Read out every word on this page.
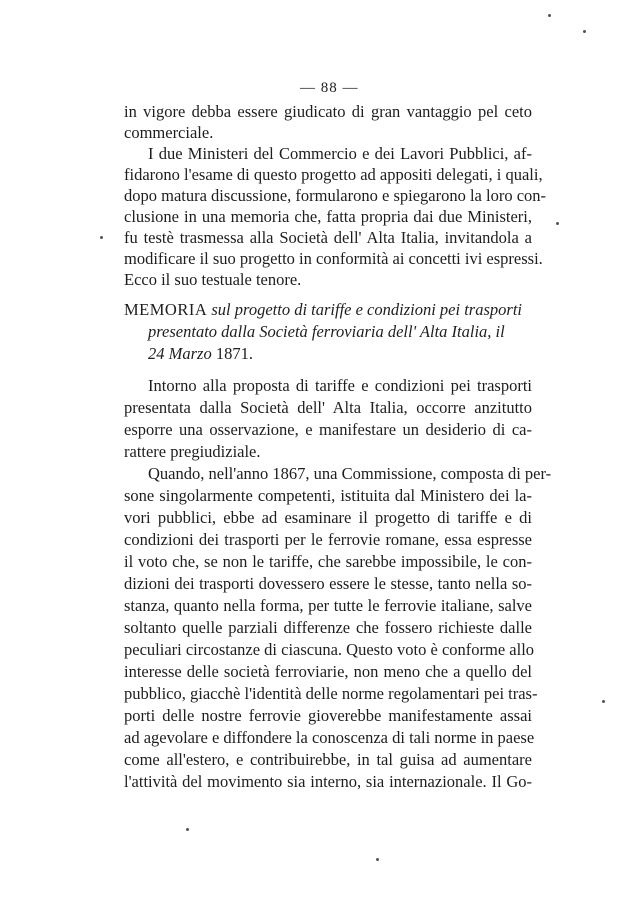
— 88 —
in vigore debba essere giudicato di gran vantaggio pel ceto
commerciale.
I due Ministeri del Commercio e dei Lavori Pubblici, af-
fidarono l'esame di questo progetto ad appositi delegati, i quali,
dopo matura discussione, formularono e spiegarono la loro con-
clusione in una memoria che, fatta propria dai due Ministeri,
fu testè trasmessa alla Società dell' Alta Italia, invitandola a
modificare il suo progetto in conformità ai concetti ivi espressi.
Ecco il suo testuale tenore.
MEMORIA sul progetto di tariffe e condizioni pei trasporti
presentato dalla Società ferroviaria dell' Alta Italia, il
24 Marzo 1871.
Intorno alla proposta di tariffe e condizioni pei trasporti
presentata dalla Società dell' Alta Italia, occorre anzitutto
esporre una osservazione, e manifestare un desiderio di ca-
rattere pregiudiziale.
Quando, nell'anno 1867, una Commissione, composta di per-
sone singolarmente competenti, istituita dal Ministero dei la-
vori pubblici, ebbe ad esaminare il progetto di tariffe e di
condizioni dei trasporti per le ferrovie romane, essa espresse
il voto che, se non le tariffe, che sarebbe impossibile, le con-
dizioni dei trasporti dovessero essere le stesse, tanto nella so-
stanza, quanto nella forma, per tutte le ferrovie italiane, salve
soltanto quelle parziali differenze che fossero richieste dalle
peculiari circostanze di ciascuna. Questo voto è conforme allo
interesse delle società ferroviarie, non meno che a quello del
pubblico, giacchè l'identità delle norme regolamentari pei tras-
porti delle nostre ferrovie gioverebbe manifestamente assai
ad agevolare e diffondere la conoscenza di tali norme in paese
come all'estero, e contribuirebbe, in tal guisa ad aumentare
l'attività del movimento sia interno, sia internazionale. Il Go-
